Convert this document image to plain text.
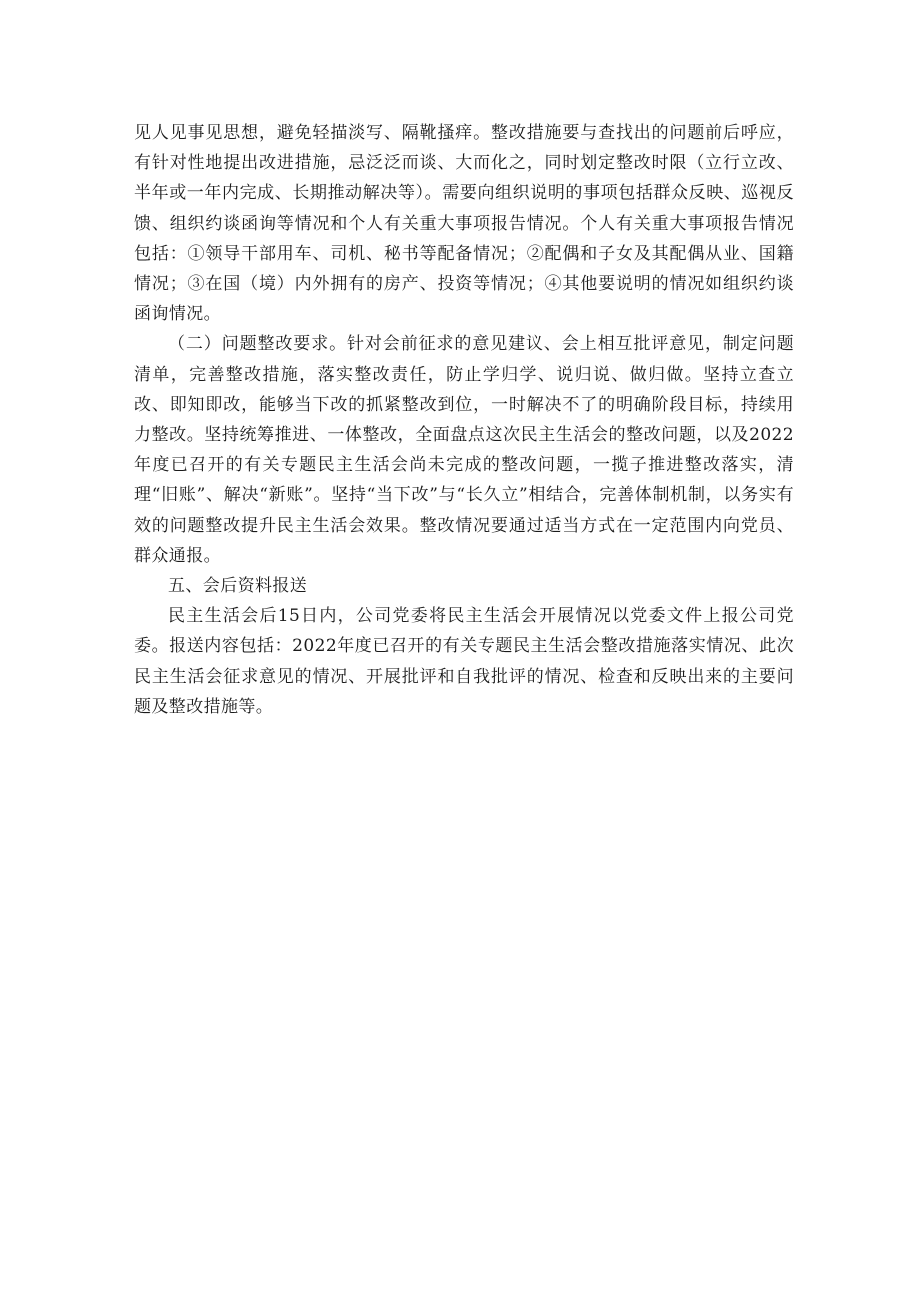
见人见事见思想，避免轻描淡写、隔靴搔痒。整改措施要与查找出的问题前后呼应，有针对性地提出改进措施，忌泛泛而谈、大而化之，同时划定整改时限（立行立改、半年或一年内完成、长期推动解决等）。需要向组织说明的事项包括群众反映、巡视反馈、组织约谈函询等情况和个人有关重大事项报告情况。个人有关重大事项报告情况包括：①领导干部用车、司机、秘书等配备情况；②配偶和子女及其配偶从业、国籍情况；③在国（境）内外拥有的房产、投资等情况；④其他要说明的情况如组织约谈函询情况。

（二）问题整改要求。针对会前征求的意见建议、会上相互批评意见，制定问题清单，完善整改措施，落实整改责任，防止学归学、说归说、做归做。坚持立查立改、即知即改，能够当下改的抓紧整改到位，一时解决不了的明确阶段目标，持续用力整改。坚持统筹推进、一体整改，全面盘点这次民主生活会的整改问题，以及2022年度已召开的有关专题民主生活会尚未完成的整改问题，一揽子推进整改落实，清理“旧账”、解决“新账”。坚持“当下改”与“长久立”相结合，完善体制机制，以务实有效的问题整改提升民主生活会效果。整改情况要通过适当方式在一定范围内向党员、群众通报。

五、会后资料报送

民主生活会后15日内，公司党委将民主生活会开展情况以党委文件上报公司党委。报送内容包括：2022年度已召开的有关专题民主生活会整改措施落实情况、此次民主生活会征求意见的情况、开展批评和自我批评的情况、检查和反映出来的主要问题及整改措施等。
